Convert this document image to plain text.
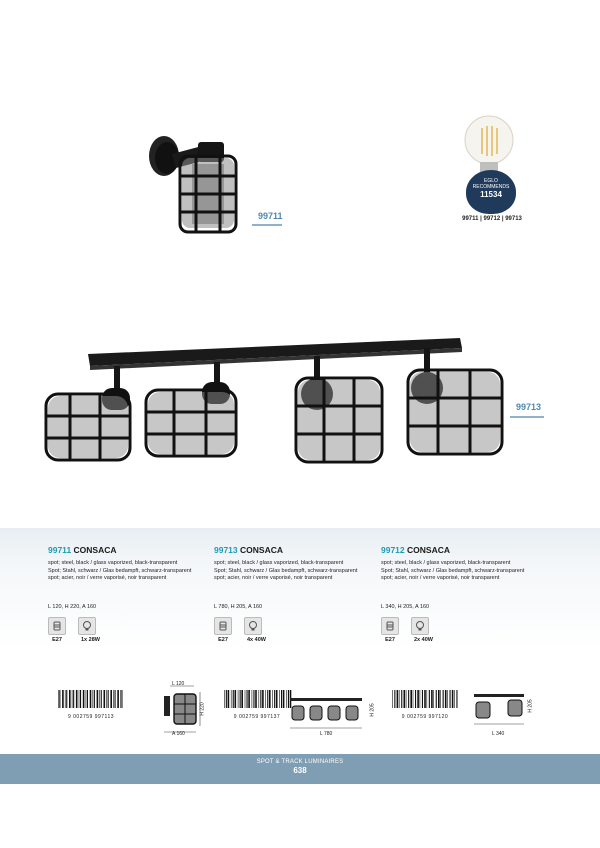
99711
EGLO
RECOMMENDS
11534
99711 | 99712 | 99713
99713
99711 CONSACA
spot; steel, black / glass vaporized, black-transparent
Spot; Stahl, schwarz / Glas bedampft, schwarz-transparent
spot; acier, noir / verre vaporisé, noir transparent
L 120, H 220, A 160
E27	1x 28W
99713 CONSACA
spot; steel, black / glass vaporized, black-transparent
Spot; Stahl, schwarz / Glas bedampft, schwarz-transparent
spot; acier, noir / verre vaporisé, noir transparent
L 780, H 205, A 160
E27	4x 40W
99712 CONSACA
spot; steel, black / glass vaporized, black-transparent
Spot; Stahl, schwarz / Glas bedampft, schwarz-transparent
spot; acier, noir / verre vaporisé, noir transparent
L 340, H 205, A 160
E27	2x 40W
9 002759 997113
L 120
H 220
A 160
9 002759 997137
L 780
H 205
9 002759 997120
L 340
H 205
SPOT & TRACK LUMINAIRES
638
